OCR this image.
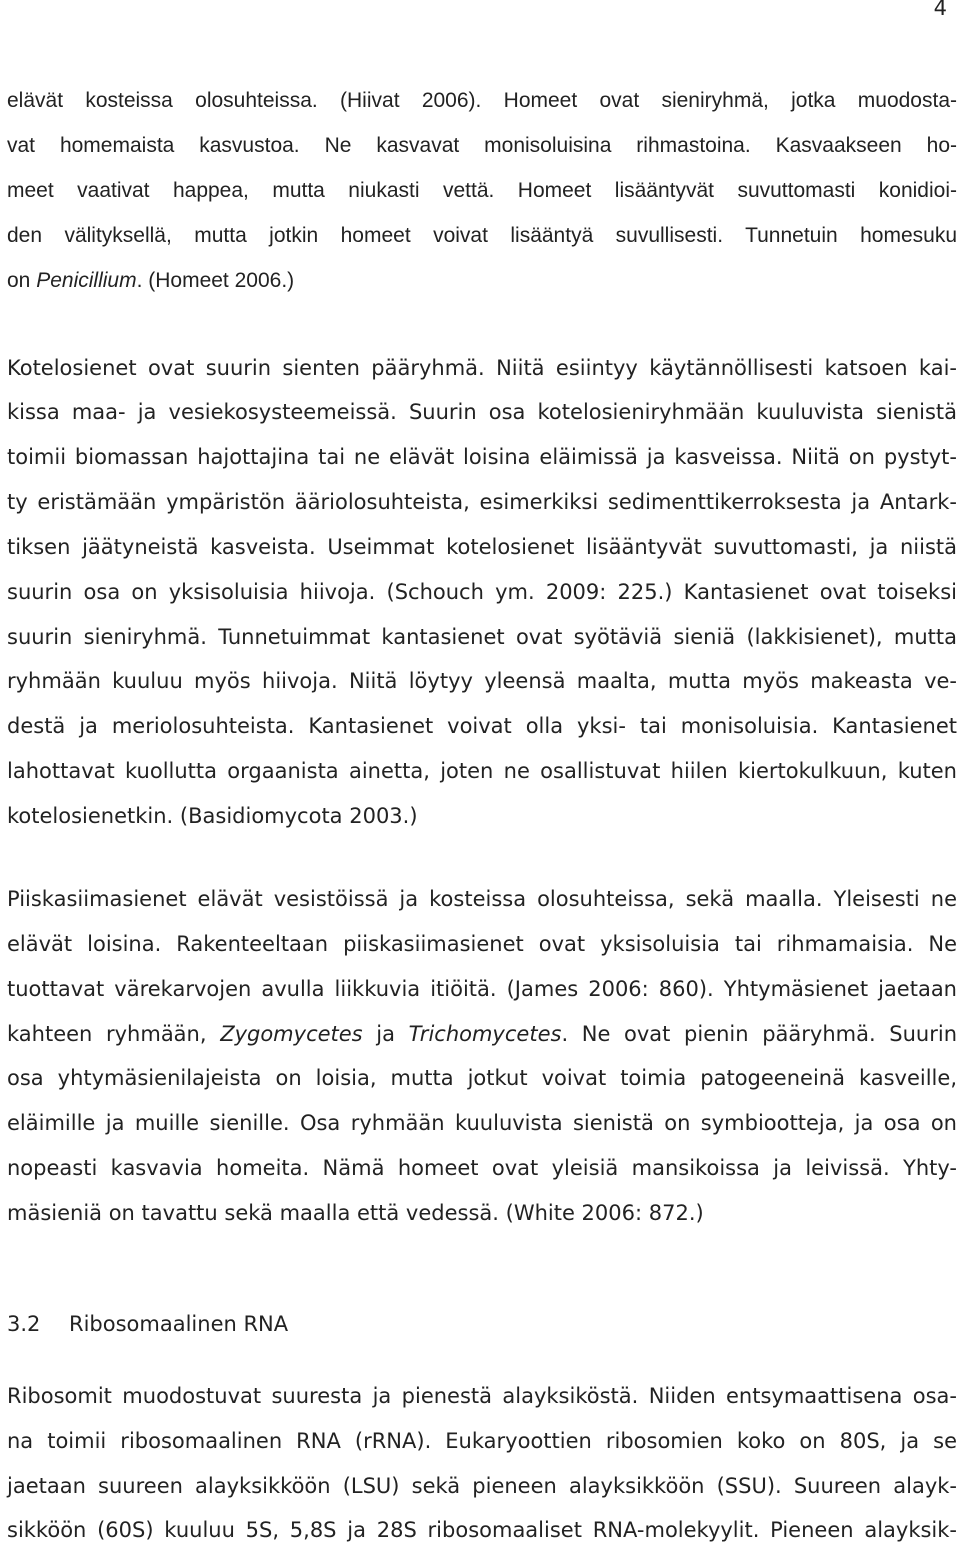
4
elävät kosteissa olosuhteissa. (Hiivat 2006). Homeet ovat sieniryhmä, jotka muodosta-
vat homemaista kasvustoa. Ne kasvavat monisoluisina rihmastoina. Kasvaakseen ho-
meet vaativat happea, mutta niukasti vettä. Homeet lisääntyvät suvuttomasti konidioi-
den välityksellä, mutta jotkin homeet voivat lisääntyä suvullisesti. Tunnetuin homesuku
on Penicillium. (Homeet 2006.)
Kotelosienet ovat suurin sienten pääryhmä. Niitä esiintyy käytännöllisesti katsoen kai-
kissa maa- ja vesiekosysteemeissä. Suurin osa kotelosieniryhmään kuuluvista sienistä
toimii biomassan hajottajina tai ne elävät loisina eläimissä ja kasveissa. Niitä on pystyt-
ty eristämään ympäristön ääriolosuhteista, esimerkiksi sedimenttikerroksesta ja Antark-
tiksen jäätyneistä kasveista. Useimmat kotelosienet lisääntyvät suvuttomasti, ja niistä
suurin osa on yksisoluisia hiivoja. (Schouch ym. 2009: 225.) Kantasienet ovat toiseksi
suurin sieniryhmä. Tunnetuimmat kantasienet ovat syötäviä sieniä (lakkisienet), mutta
ryhmään kuuluu myös hiivoja. Niitä löytyy yleensä maalta, mutta myös makeasta ve-
destä ja meriolosuhteista. Kantasienet voivat olla yksi- tai monisoluisia. Kantasienet
lahottavat kuollutta orgaanista ainetta, joten ne osallistuvat hiilen kiertokulkuun, kuten
kotelosienetkin. (Basidiomycota 2003.)
Piiskasiimasienet elävät vesistöissä ja kosteissa olosuhteissa, sekä maalla. Yleisesti ne
elävät loisina. Rakenteeltaan piiskasiimasienet ovat yksisoluisia tai rihmamaisia. Ne
tuottavat värekarvojen avulla liikkuvia itiöitä. (James 2006: 860). Yhtymäsienet jaetaan
kahteen ryhmään, Zygomycetes ja Trichomycetes. Ne ovat pienin pääryhmä. Suurin
osa yhtymäsienilajeista on loisia, mutta jotkut voivat toimia patogeeneinä kasveille,
eläimille ja muille sienille. Osa ryhmään kuuluvista sienistä on symbiootteja, ja osa on
nopeasti kasvavia homeita. Nämä homeet ovat yleisiä mansikoissa ja leivissä. Yhty-
mäsieniä on tavattu sekä maalla että vedessä. (White 2006: 872.)
3.2 Ribosomaalinen RNA
Ribosomit muodostuvat suuresta ja pienestä alayksiköstä. Niiden entsymaattisena osa-
na toimii ribosomaalinen RNA (rRNA). Eukaryoottien ribosomien koko on 80S, ja se
jaetaan suureen alayksikköön (LSU) sekä pieneen alayksikköön (SSU). Suureen alayk-
sikköön (60S) kuuluu 5S, 5,8S ja 28S ribosomaaliset RNA-molekyylit. Pieneen alayksik-
